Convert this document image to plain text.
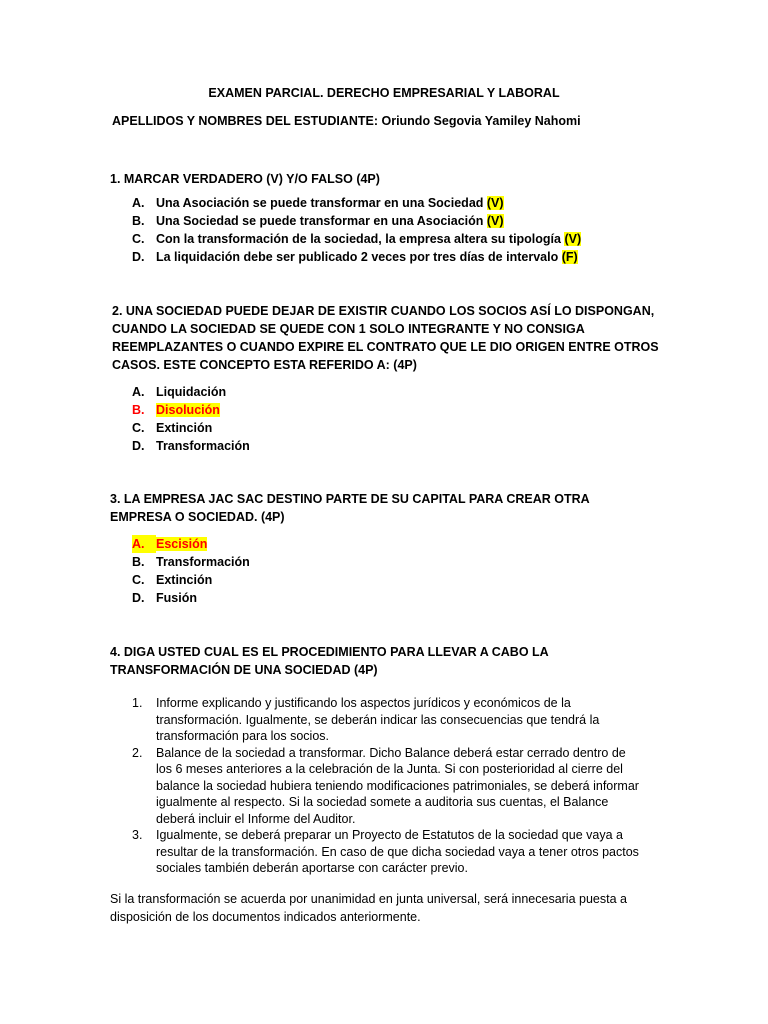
EXAMEN PARCIAL. DERECHO EMPRESARIAL Y LABORAL
APELLIDOS Y NOMBRES DEL ESTUDIANTE: Oriundo Segovia Yamiley Nahomi
1. MARCAR VERDADERO (V) Y/O FALSO (4P)
A. Una Asociación se puede transformar en una Sociedad (V)
B. Una Sociedad se puede transformar en una Asociación (V)
C. Con la transformación de la sociedad, la empresa altera su tipología (V)
D. La liquidación debe ser publicado 2 veces por tres días de intervalo (F)
2. UNA SOCIEDAD PUEDE DEJAR DE EXISTIR CUANDO LOS SOCIOS ASÍ LO DISPONGAN, CUANDO LA SOCIEDAD SE QUEDE CON 1 SOLO INTEGRANTE Y NO CONSIGA REEMPLAZANTES O CUANDO EXPIRE EL CONTRATO QUE LE DIO ORIGEN ENTRE OTROS CASOS. ESTE CONCEPTO ESTA REFERIDO A: (4P)
A. Liquidación
B. Disolución
C. Extinción
D. Transformación
3. LA EMPRESA JAC SAC DESTINO PARTE DE SU CAPITAL PARA CREAR OTRA EMPRESA O SOCIEDAD. (4P)
A. Escisión
B. Transformación
C. Extinción
D. Fusión
4. DIGA USTED CUAL ES EL PROCEDIMIENTO PARA LLEVAR A CABO LA TRANSFORMACIÓN DE UNA SOCIEDAD (4P)
1. Informe explicando y justificando los aspectos jurídicos y económicos de la transformación. Igualmente, se deberán indicar las consecuencias que tendrá la transformación para los socios.
2. Balance de la sociedad a transformar. Dicho Balance deberá estar cerrado dentro de los 6 meses anteriores a la celebración de la Junta. Si con posterioridad al cierre del balance la sociedad hubiera teniendo modificaciones patrimoniales, se deberá informar igualmente al respecto. Si la sociedad somete a auditoria sus cuentas, el Balance deberá incluir el Informe del Auditor.
3. Igualmente, se deberá preparar un Proyecto de Estatutos de la sociedad que vaya a resultar de la transformación. En caso de que dicha sociedad vaya a tener otros pactos sociales también deberán aportarse con carácter previo.
Si la transformación se acuerda por unanimidad en junta universal, será innecesaria puesta a disposición de los documentos indicados anteriormente.
